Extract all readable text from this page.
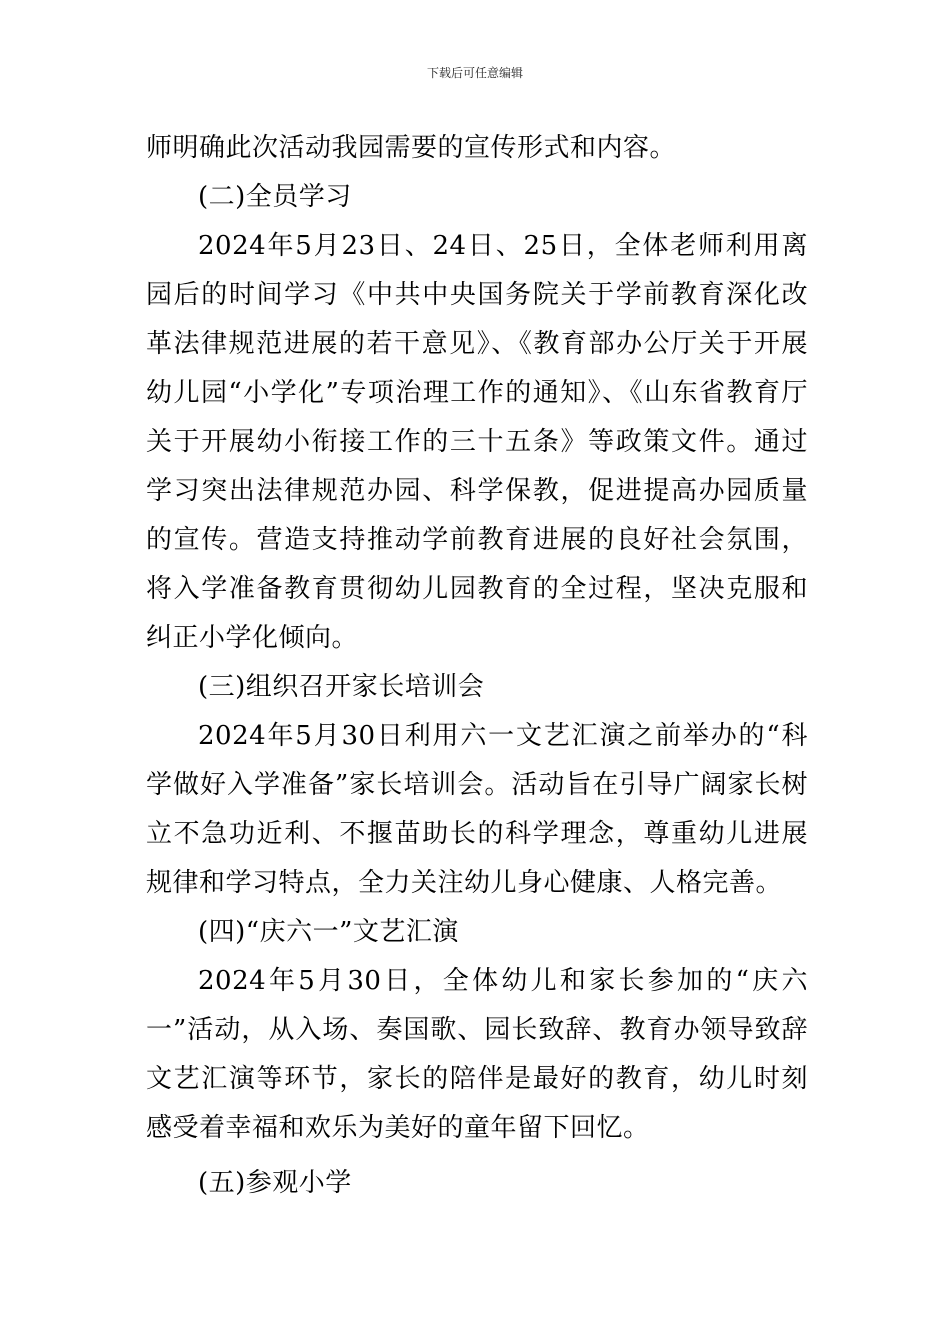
下载后可任意编辑

师明确此次活动我园需要的宣传形式和内容。

(二)全员学习

2024年5月23日、24日、25日，全体老师利用离园后的时间学习《中共中央国务院关于学前教育深化改革法律规范进展的若干意见》、《教育部办公厅关于开展幼儿园“小学化”专项治理工作的通知》、《山东省教育厅关于开展幼小衔接工作的三十五条》等政策文件。通过学习突出法律规范办园、科学保教，促进提高办园质量的宣传。营造支持推动学前教育进展的良好社会氛围，将入学准备教育贯彻幼儿园教育的全过程，坚决克服和纠正小学化倾向。

(三)组织召开家长培训会

2024年5月30日利用六一文艺汇演之前举办的“科学做好入学准备”家长培训会。活动旨在引导广阔家长树立不急功近利、不揠苗助长的科学理念，尊重幼儿进展规律和学习特点，全力关注幼儿身心健康、人格完善。

(四)“庆六一”文艺汇演

2024年5月30日，全体幼儿和家长参加的“庆六一”活动，从入场、奏国歌、园长致辞、教育办领导致辞文艺汇演等环节，家长的陪伴是最好的教育，幼儿时刻感受着幸福和欢乐为美好的童年留下回忆。

(五)参观小学
